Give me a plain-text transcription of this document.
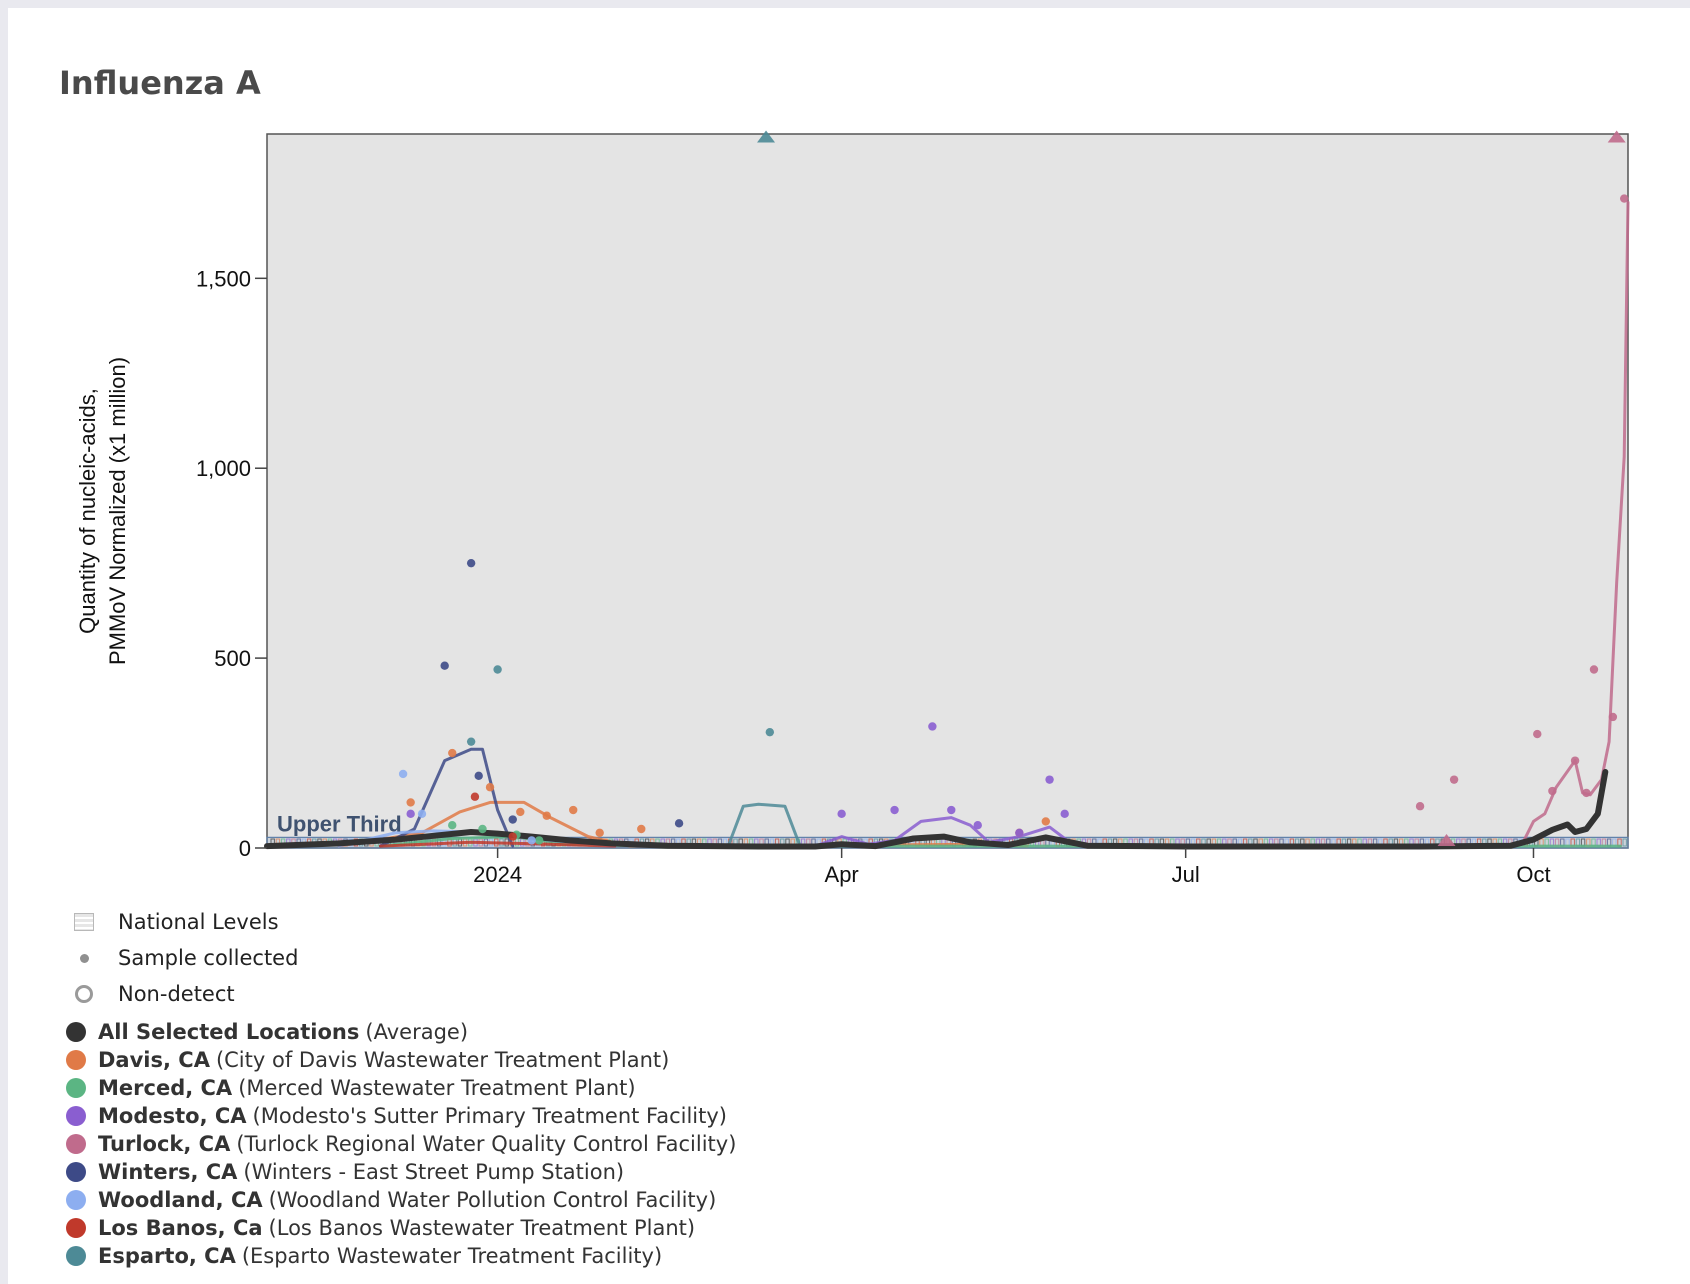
Influenza A
0
500
1,000
1,500
2024	Apr	Jul	Oct
Upper Third
Quantity of nucleic-acids, PMMoV Normalized (x1 million)
National Levels
Sample collected
Non-detect
All Selected Locations (Average)
Davis, CA (City of Davis Wastewater Treatment Plant)
Merced, CA (Merced Wastewater Treatment Plant)
Modesto, CA (Modesto's Sutter Primary Treatment Facility)
Turlock, CA (Turlock Regional Water Quality Control Facility)
Winters, CA (Winters - East Street Pump Station)
Woodland, CA (Woodland Water Pollution Control Facility)
Los Banos, Ca (Los Banos Wastewater Treatment Plant)
Esparto, CA (Esparto Wastewater Treatment Facility)
